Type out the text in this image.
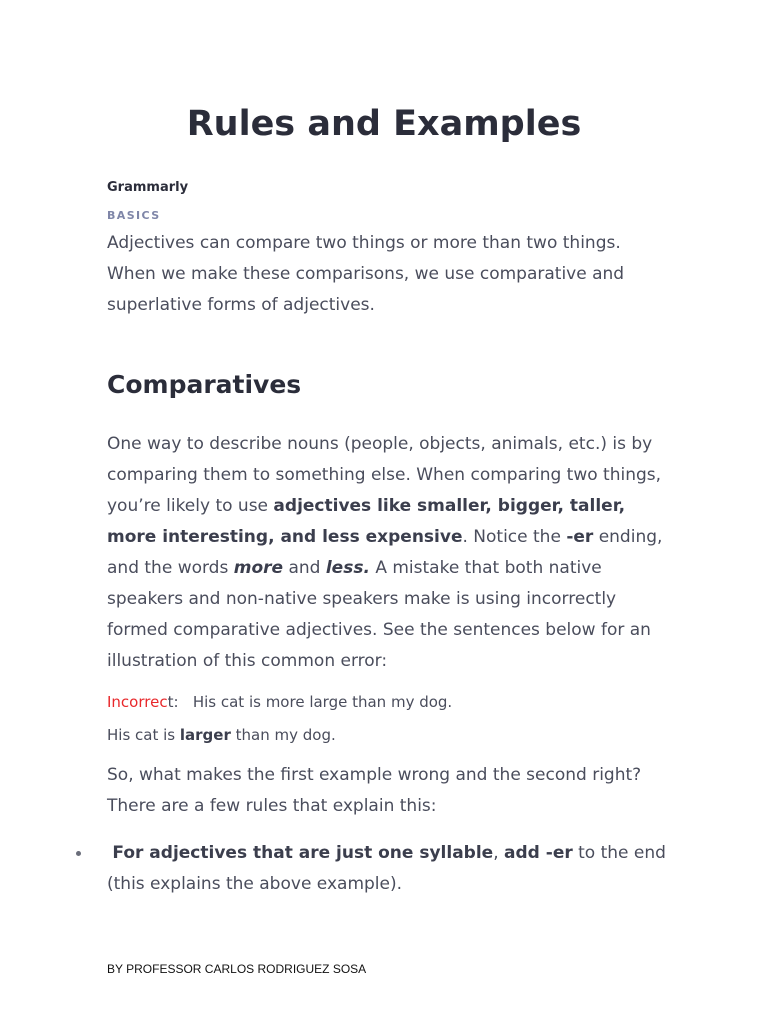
Rules and Examples

Grammarly

BASICS

Adjectives can compare two things or more than two things. When we make these comparisons, we use comparative and superlative forms of adjectives.

Comparatives

One way to describe nouns (people, objects, animals, etc.) is by comparing them to something else. When comparing two things, you’re likely to use adjectives like smaller, bigger, taller, more interesting, and less expensive. Notice the -er ending, and the words more and less. A mistake that both native speakers and non-native speakers make is using incorrectly formed comparative adjectives. See the sentences below for an illustration of this common error:

Incorrect: His cat is more large than my dog.

His cat is larger than my dog.

So, what makes the first example wrong and the second right? There are a few rules that explain this:

For adjectives that are just one syllable, add -er to the end (this explains the above example).

BY PROFESSOR CARLOS RODRIGUEZ SOSA
